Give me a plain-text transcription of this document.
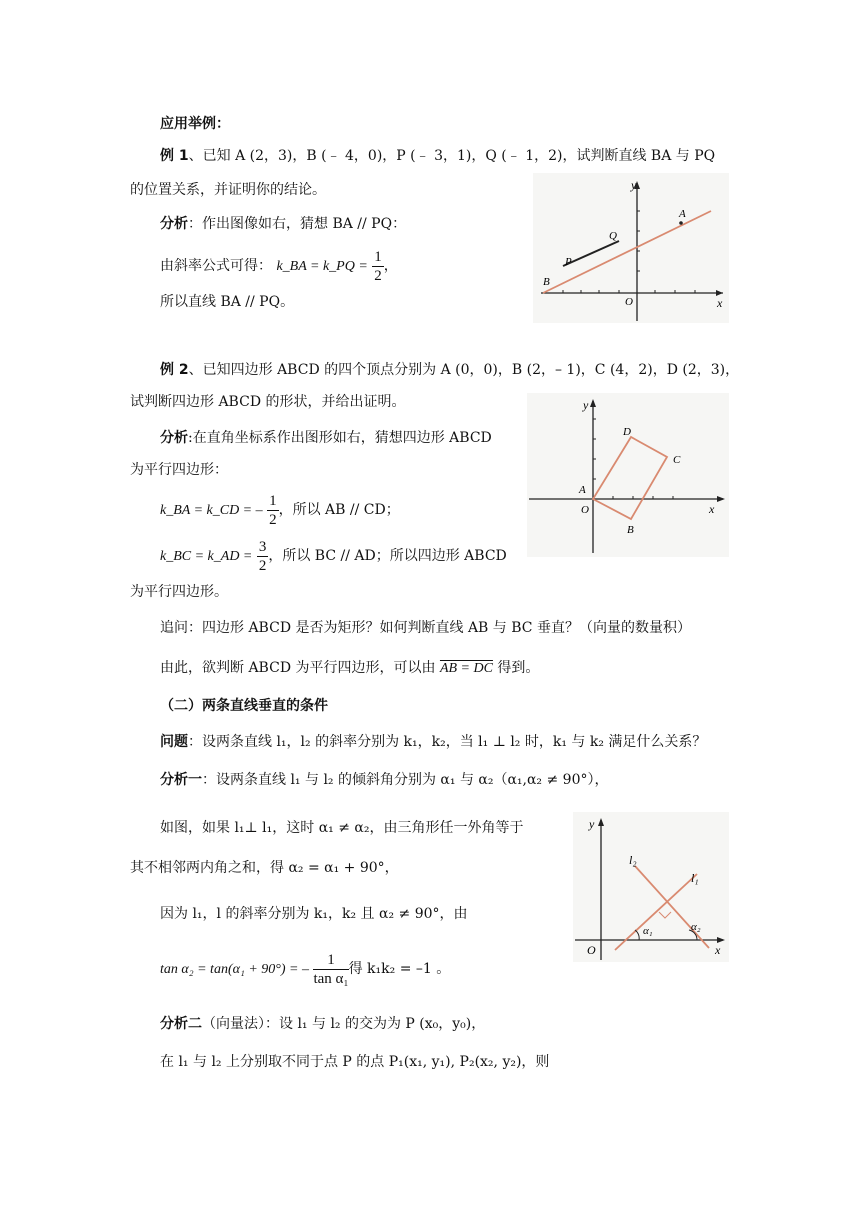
应用举例：
例 1、已知 A (2，3)，B (﹣ 4，0)，P (﹣ 3，1)，Q (﹣ 1，2)，试判断直线 BA 与 PQ
的位置关系，并证明你的结论。
分析：作出图像如右，猜想 BA // PQ：
由斜率公式可得： k_BA = k_PQ = $\frac{1}{2}$ ，
所以直线 BA // PQ。
y
x
O
A
B
P
Q
例 2、已知四边形 ABCD 的四个顶点分别为 A (0，0)，B (2，– 1)，C (4，2)，D (2，3)，
试判断四边形 ABCD 的形状，并给出证明。
分析:在直角坐标系作出图形如右，猜想四边形 ABCD
为平行四边形：
k_BA = k_CD = – $\frac{1}{2}$ ，所以 AB // CD；
k_BC = k_AD = $\frac{3}{2}$ ，所以 BC // AD；所以四边形 ABCD
为平行四边形。
追问：四边形 ABCD 是否为矩形？如何判断直线 AB 与 BC 垂直？（向量的数量积）
由此，欲判断 ABCD 为平行四边形，可以由 AB = DC 得到。
y
x
O
A
B
C
D
（二）两条直线垂直的条件
问题：设两条直线 l₁，l₂ 的斜率分别为 k₁，k₂，当 l₁ ⊥ l₂ 时，k₁ 与 k₂ 满足什么关系？
分析一：设两条直线 l₁ 与 l₂ 的倾斜角分别为 α₁ 与 α₂（α₁,α₂ ≠ 90°），
如图，如果 l₁⊥ l₁，这时 α₁ ≠ α₂，由三角形任一外角等于
其不相邻两内角之和，得 α₂ = α₁ + 90°，
因为 l₁，l 的斜率分别为 k₁，k₂ 且 α₂ ≠ 90°，由
tan α₂ = tan(α₁ + 90°) = – $\frac{1}{\text{tan α₁}}$ 得 k₁k₂ = –1 。
分析二（向量法）：设 l₁ 与 l₂ 的交为为 P (x₀，y₀)，
在 l₁ 与 l₂ 上分别取不同于点 P 的点 P₁(x₁, y₁), P₂(x₂, y₂)，则
y
x
O
l₁
l₂
α₁	α₂
